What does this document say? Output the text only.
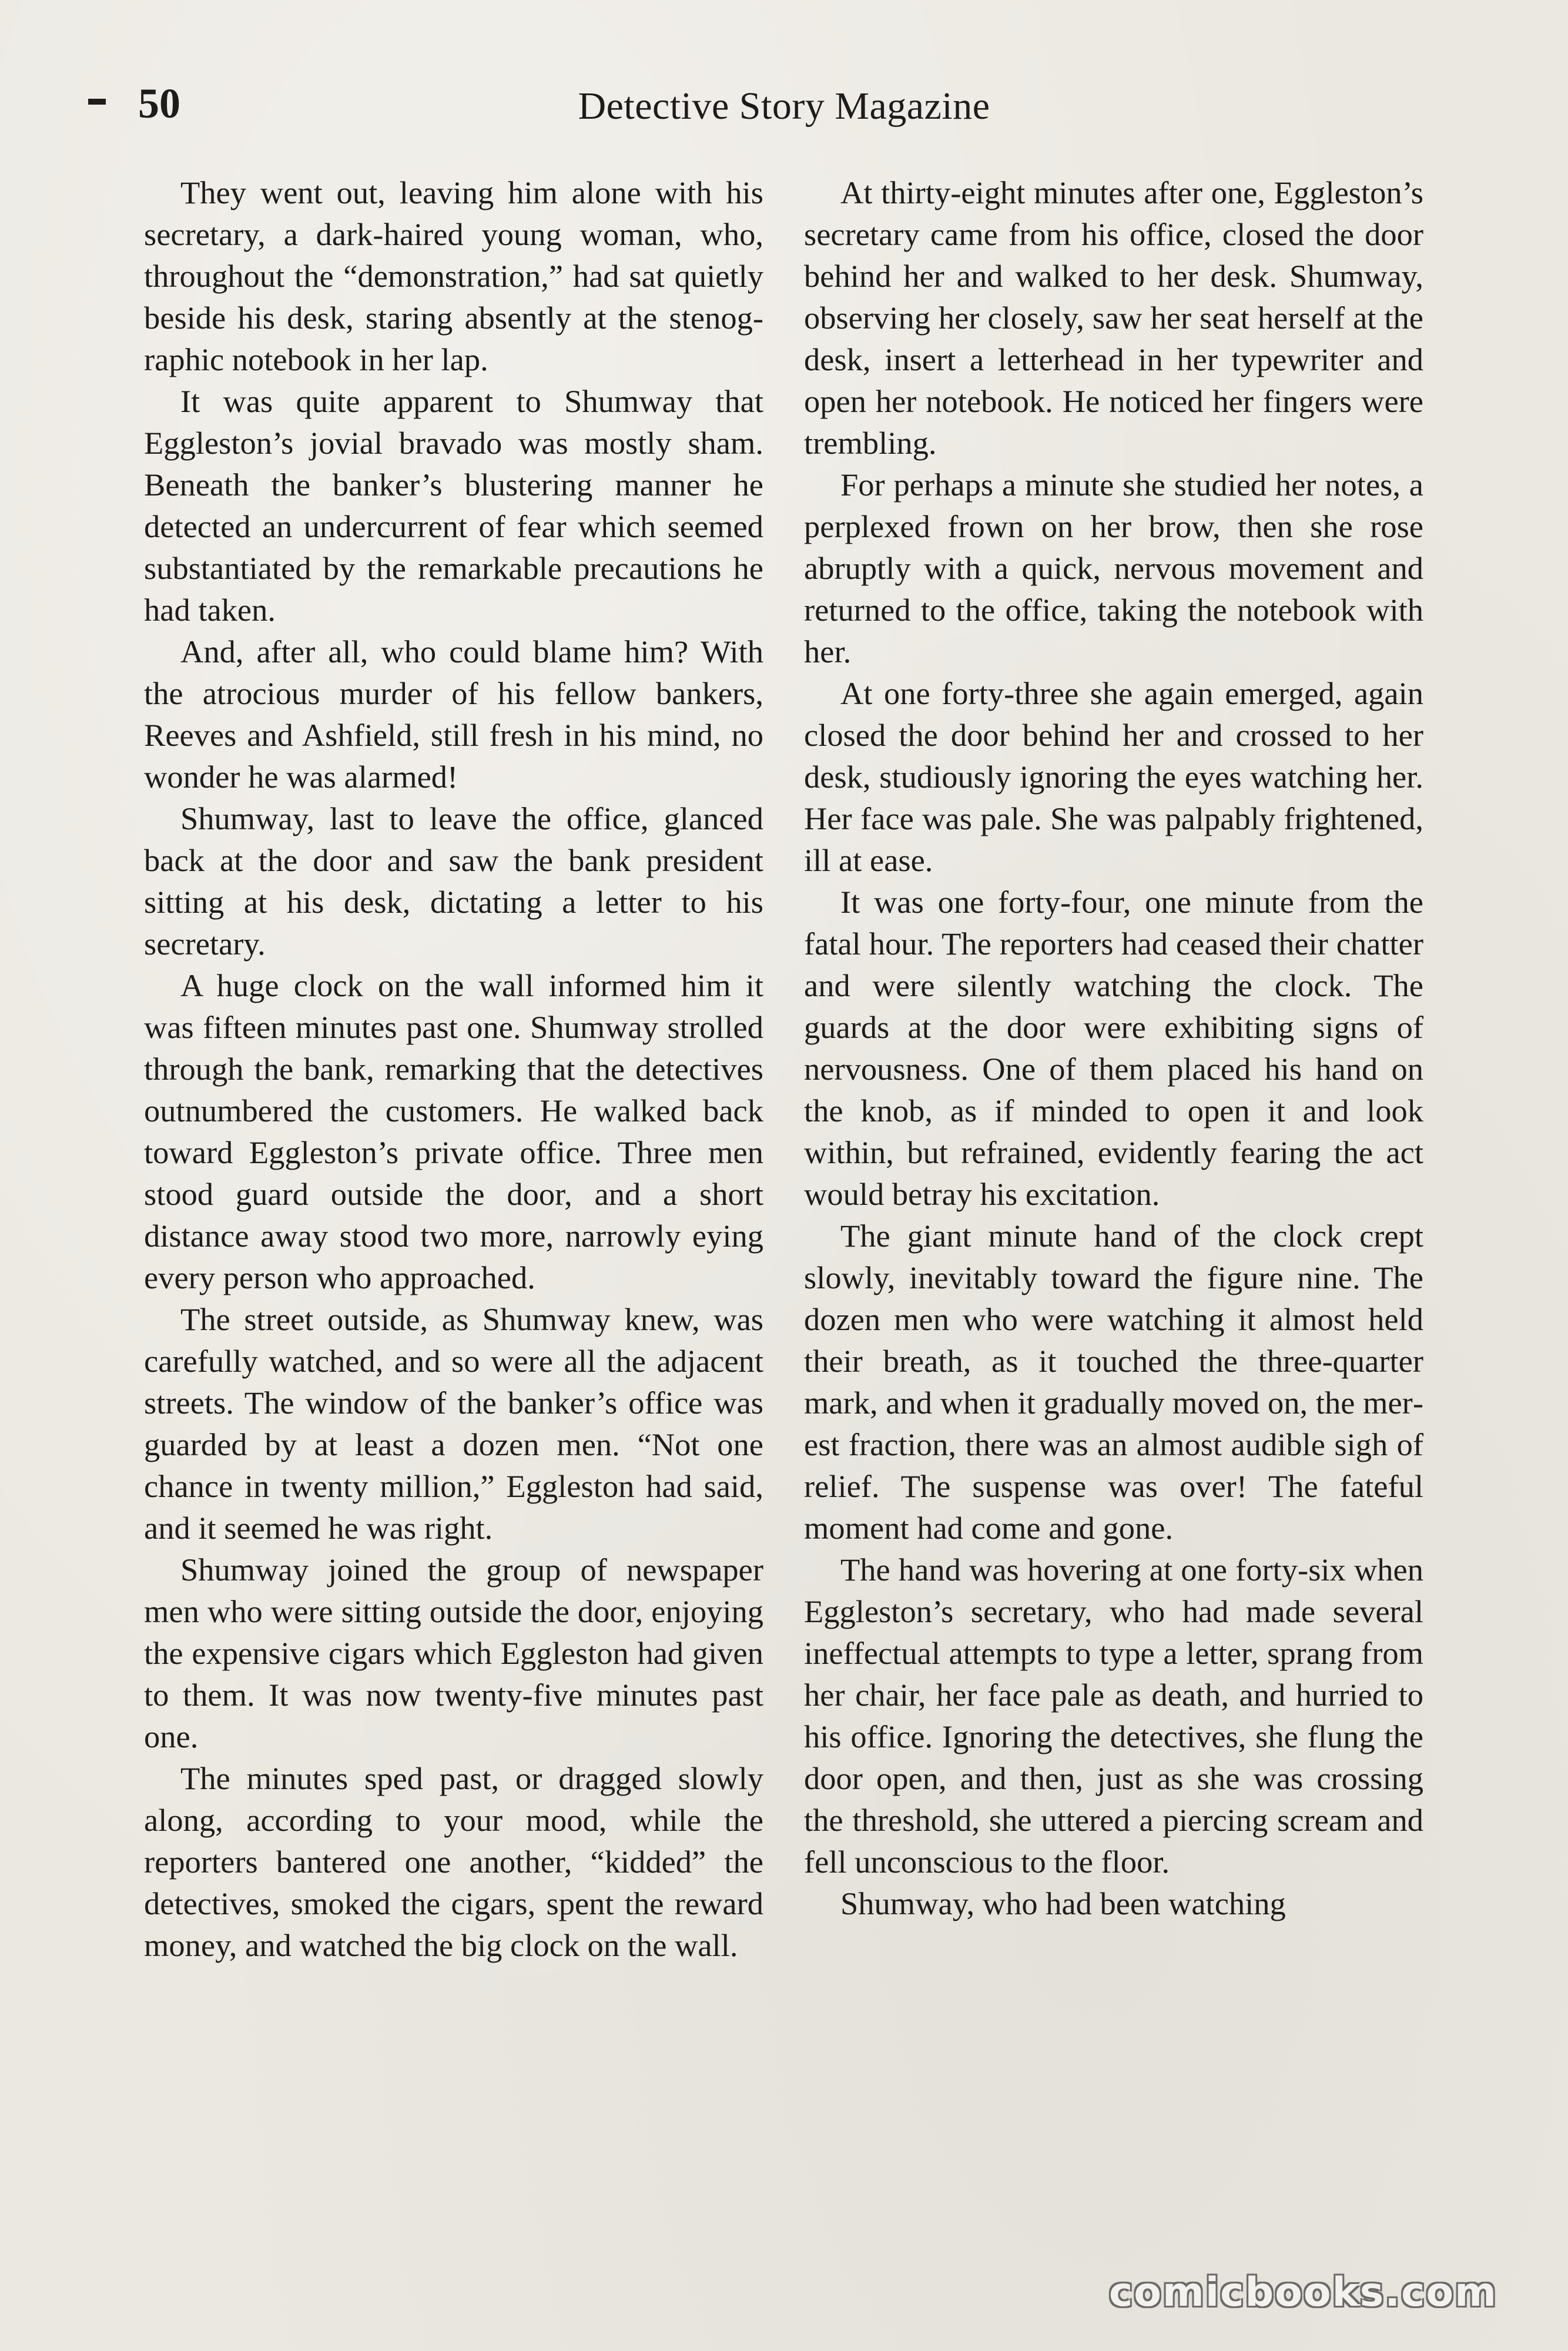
50	Detective Story Magazine

They went out, leaving him alone with his secretary, a dark-haired young woman, who, throughout the “demonstration,” had sat quietly beside his desk, staring absently at the stenographic notebook in her lap.

It was quite apparent to Shumway that Eggleston’s jovial bravado was mostly sham. Beneath the banker’s blustering manner he detected an undercurrent of fear which seemed substantiated by the remarkable precautions he had taken.

And, after all, who could blame him? With the atrocious murder of his fellow bankers, Reeves and Ashfield, still fresh in his mind, no wonder he was alarmed!

Shumway, last to leave the office, glanced back at the door and saw the bank president sitting at his desk, dictating a letter to his secretary.

A huge clock on the wall informed him it was fifteen minutes past one. Shumway strolled through the bank, remarking that the detectives outnumbered the customers. He walked back toward Eggleston’s private office. Three men stood guard outside the door, and a short distance away stood two more, narrowly eying every person who approached.

The street outside, as Shumway knew, was carefully watched, and so were all the adjacent streets. The window of the banker’s office was guarded by at least a dozen men. “Not one chance in twenty million,” Eggleston had said, and it seemed he was right.

Shumway joined the group of newspaper men who were sitting outside the door, enjoying the expensive cigars which Eggleston had given to them. It was now twenty-five minutes past one.

The minutes sped past, or dragged slowly along, according to your mood, while the reporters bantered one another, “kidded” the detectives, smoked the cigars, spent the reward money, and watched the big clock on the wall.

At thirty-eight minutes after one, Eggleston’s secretary came from his office, closed the door behind her and walked to her desk. Shumway, observing her closely, saw her seat herself at the desk, insert a letterhead in her typewriter and open her notebook. He noticed her fingers were trembling.

For perhaps a minute she studied her notes, a perplexed frown on her brow, then she rose abruptly with a quick, nervous movement and returned to the office, taking the notebook with her.

At one forty-three she again emerged, again closed the door behind her and crossed to her desk, studiously ignoring the eyes watching her. Her face was pale. She was palpably frightened, ill at ease.

It was one forty-four, one minute from the fatal hour. The reporters had ceased their chatter and were silently watching the clock. The guards at the door were exhibiting signs of nervousness. One of them placed his hand on the knob, as if minded to open it and look within, but refrained, evidently fearing the act would betray his excitation.

The giant minute hand of the clock crept slowly, inevitably toward the figure nine. The dozen men who were watching it almost held their breath, as it touched the three-quarter mark, and when it gradually moved on, the merest fraction, there was an almost audible sigh of relief. The suspense was over! The fateful moment had come and gone.

The hand was hovering at one forty-six when Eggleston’s secretary, who had made several ineffectual attempts to type a letter, sprang from her chair, her face pale as death, and hurried to his office. Ignoring the detectives, she flung the door open, and then, just as she was crossing the threshold, she uttered a piercing scream and fell unconscious to the floor.

Shumway, who had been watching

comicbooks.com
